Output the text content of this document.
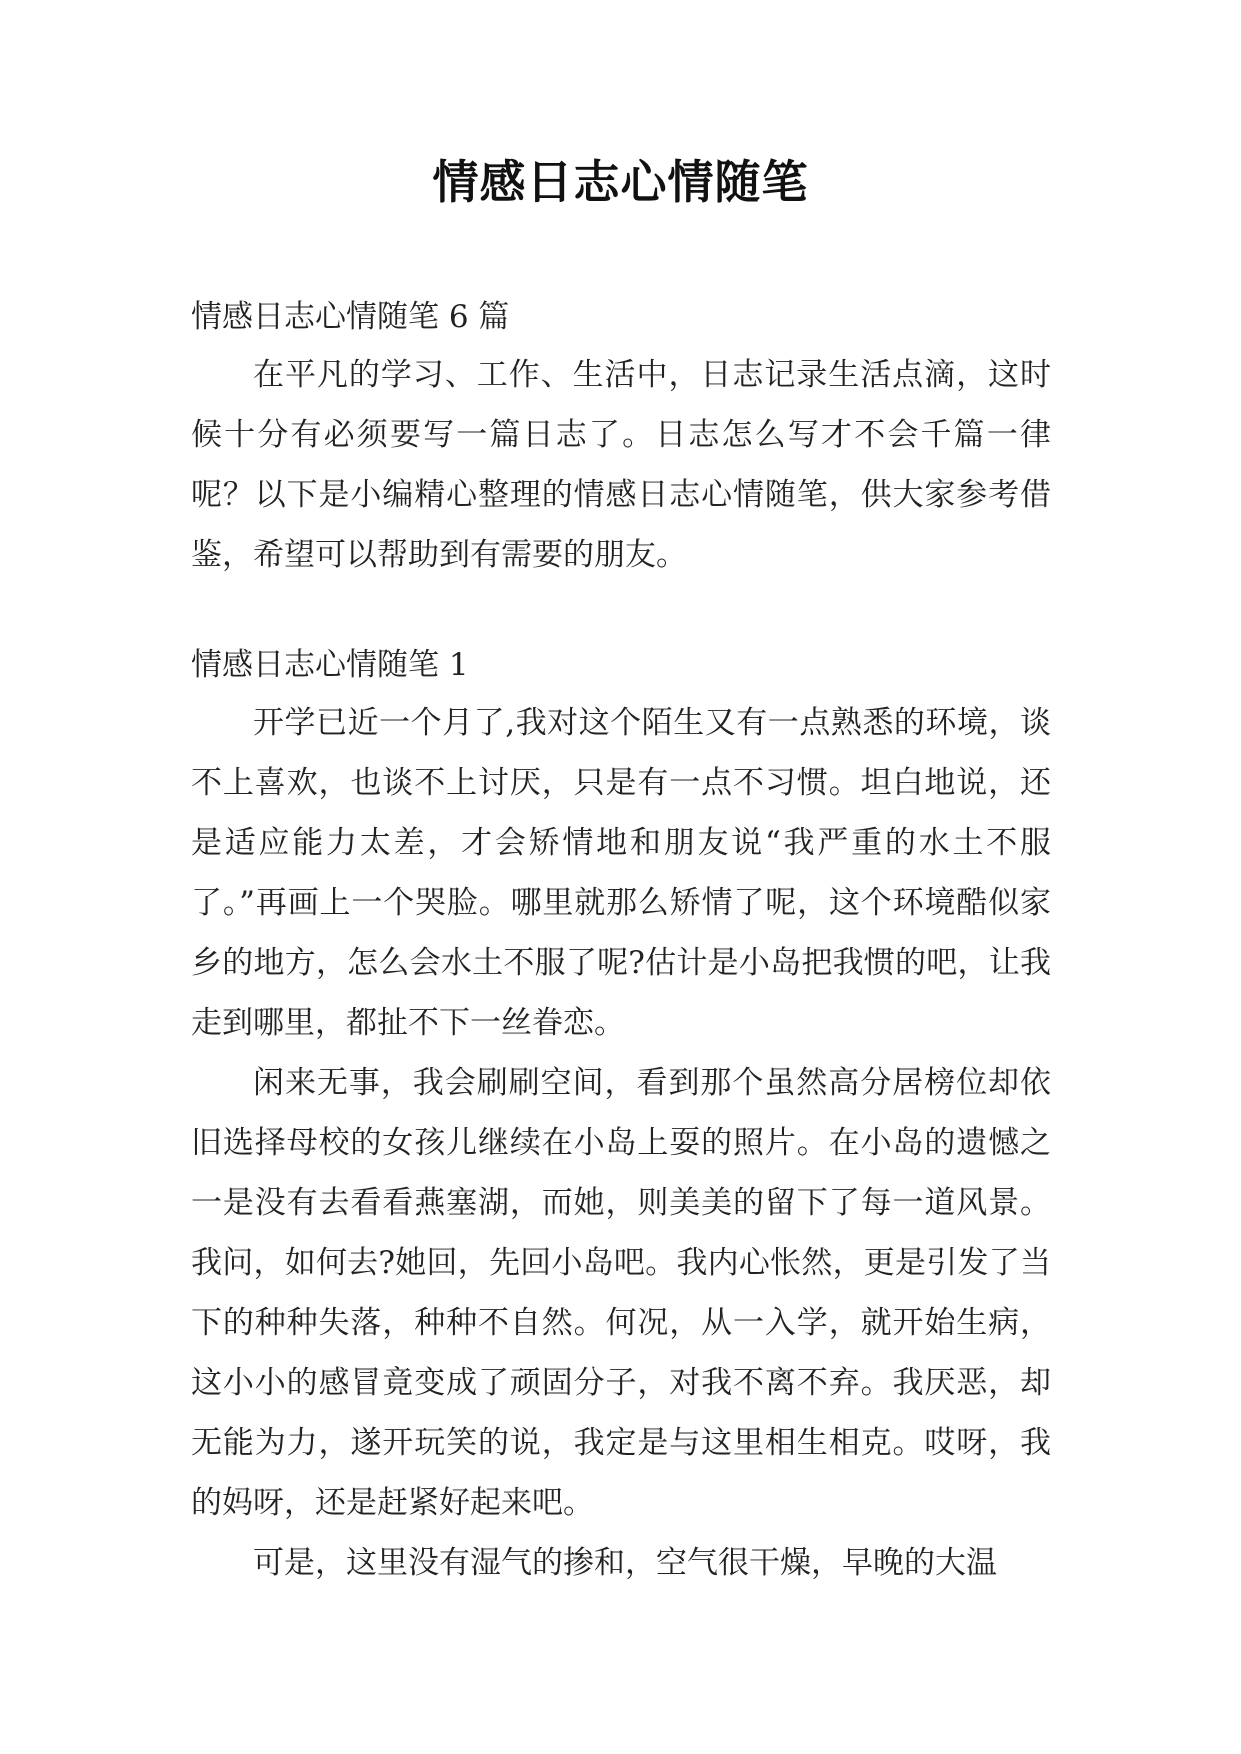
情感日志心情随笔
情感日志心情随笔 6 篇

在平凡的学习、工作、生活中，日志记录生活点滴，这时候十分有必须要写一篇日志了。日志怎么写才不会千篇一律呢？以下是小编精心整理的情感日志心情随笔，供大家参考借鉴，希望可以帮助到有需要的朋友。

情感日志心情随笔 1

开学已近一个月了,我对这个陌生又有一点熟悉的环境，谈不上喜欢，也谈不上讨厌，只是有一点不习惯。坦白地说，还是适应能力太差，才会矫情地和朋友说“我严重的水土不服了。”再画上一个哭脸。哪里就那么矫情了呢，这个环境酷似家乡的地方，怎么会水土不服了呢?估计是小岛把我惯的吧，让我走到哪里，都扯不下一丝眷恋。

闲来无事，我会刷刷空间，看到那个虽然高分居榜位却依旧选择母校的女孩儿继续在小岛上耍的照片。在小岛的遗憾之一是没有去看看燕塞湖，而她，则美美的留下了每一道风景。我问，如何去?她回，先回小岛吧。我内心怅然，更是引发了当下的种种失落，种种不自然。何况，从一入学，就开始生病，这小小的感冒竟变成了顽固分子，对我不离不弃。我厌恶，却无能为力，遂开玩笑的说，我定是与这里相生相克。哎呀，我的妈呀，还是赶紧好起来吧。

可是，这里没有湿气的掺和，空气很干燥，早晚的大温
